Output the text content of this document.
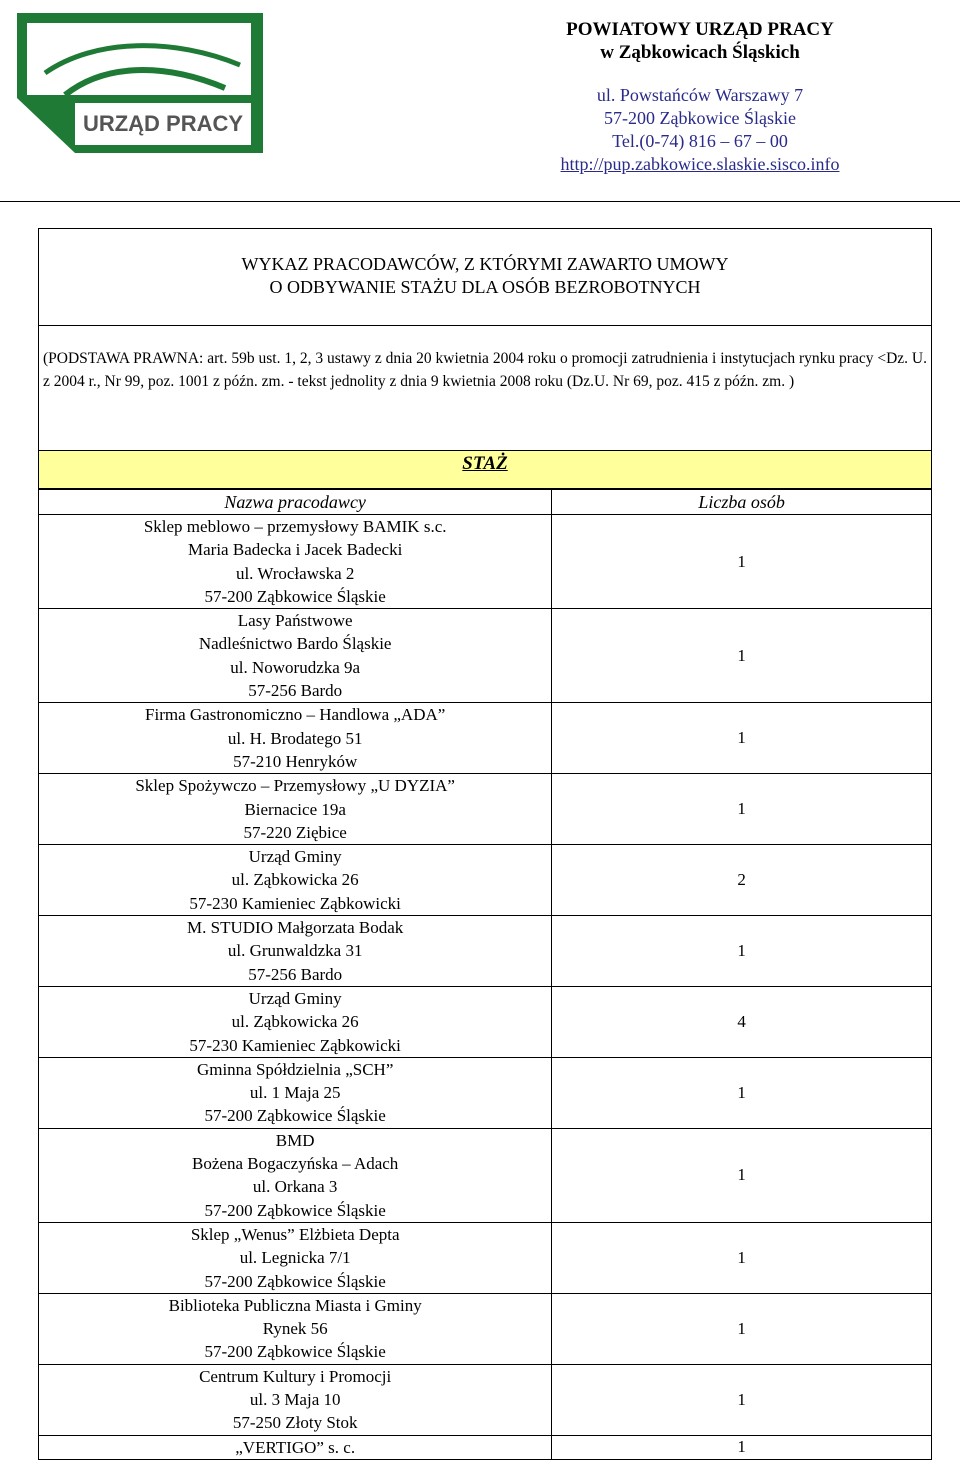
URZĄD PRACY
POWIATOWY URZĄD PRACY
w Ząbkowicach Śląskich
ul. Powstańców Warszawy 7
57-200 Ząbkowice Śląskie
Tel.(0-74) 816 – 67 – 00
http://pup.zabkowice.slaskie.sisco.info
WYKAZ PRACODAWCÓW, Z KTÓRYMI ZAWARTO UMOWY
O ODBYWANIE STAŻU DLA OSÓB BEZROBOTNYCH
(PODSTAWA PRAWNA: art. 59b ust. 1, 2, 3 ustawy z dnia 20 kwietnia 2004 roku o promocji zatrudnienia i instytucjach rynku pracy <Dz. U. z 2004 r., Nr 99, poz. 1001 z późn. zm. - tekst jednolity z dnia 9 kwietnia 2008 roku (Dz.U. Nr 69, poz. 415 z późn. zm. )
STAŻ
Nazwa pracodawcy	Liczba osób

Sklep meblowo – przemysłowy BAMIK s.c.
Maria Badecka i Jacek Badecki
ul. Wrocławska 2
57-200 Ząbkowice Śląskie	1

Lasy Państwowe
Nadleśnictwo Bardo Śląskie
ul. Noworudzka 9a
57-256 Bardo	1

Firma Gastronomiczno – Handlowa „ADA”
ul. H. Brodatego 51
57-210 Henryków	1

Sklep Spożywczo – Przemysłowy „U DYZIA”
Biernacice 19a
57-220 Ziębice	1

Urząd Gminy
ul. Ząbkowicka 26
57-230 Kamieniec Ząbkowicki	2

M. STUDIO Małgorzata Bodak
ul. Grunwaldzka 31
57-256 Bardo	1

Urząd Gminy
ul. Ząbkowicka 26
57-230 Kamieniec Ząbkowicki	4

Gminna Spółdzielnia „SCH”
ul. 1 Maja 25
57-200 Ząbkowice Śląskie	1

BMD
Bożena Bogaczyńska – Adach
ul. Orkana 3
57-200 Ząbkowice Śląskie	1

Sklep „Wenus” Elżbieta Depta
ul. Legnicka 7/1
57-200 Ząbkowice Śląskie	1

Biblioteka Publiczna Miasta i Gminy
Rynek 56
57-200 Ząbkowice Śląskie	1

Centrum Kultury i Promocji
ul. 3 Maja 10
57-250 Złoty Stok	1

„VERTIGO” s. c.	1
